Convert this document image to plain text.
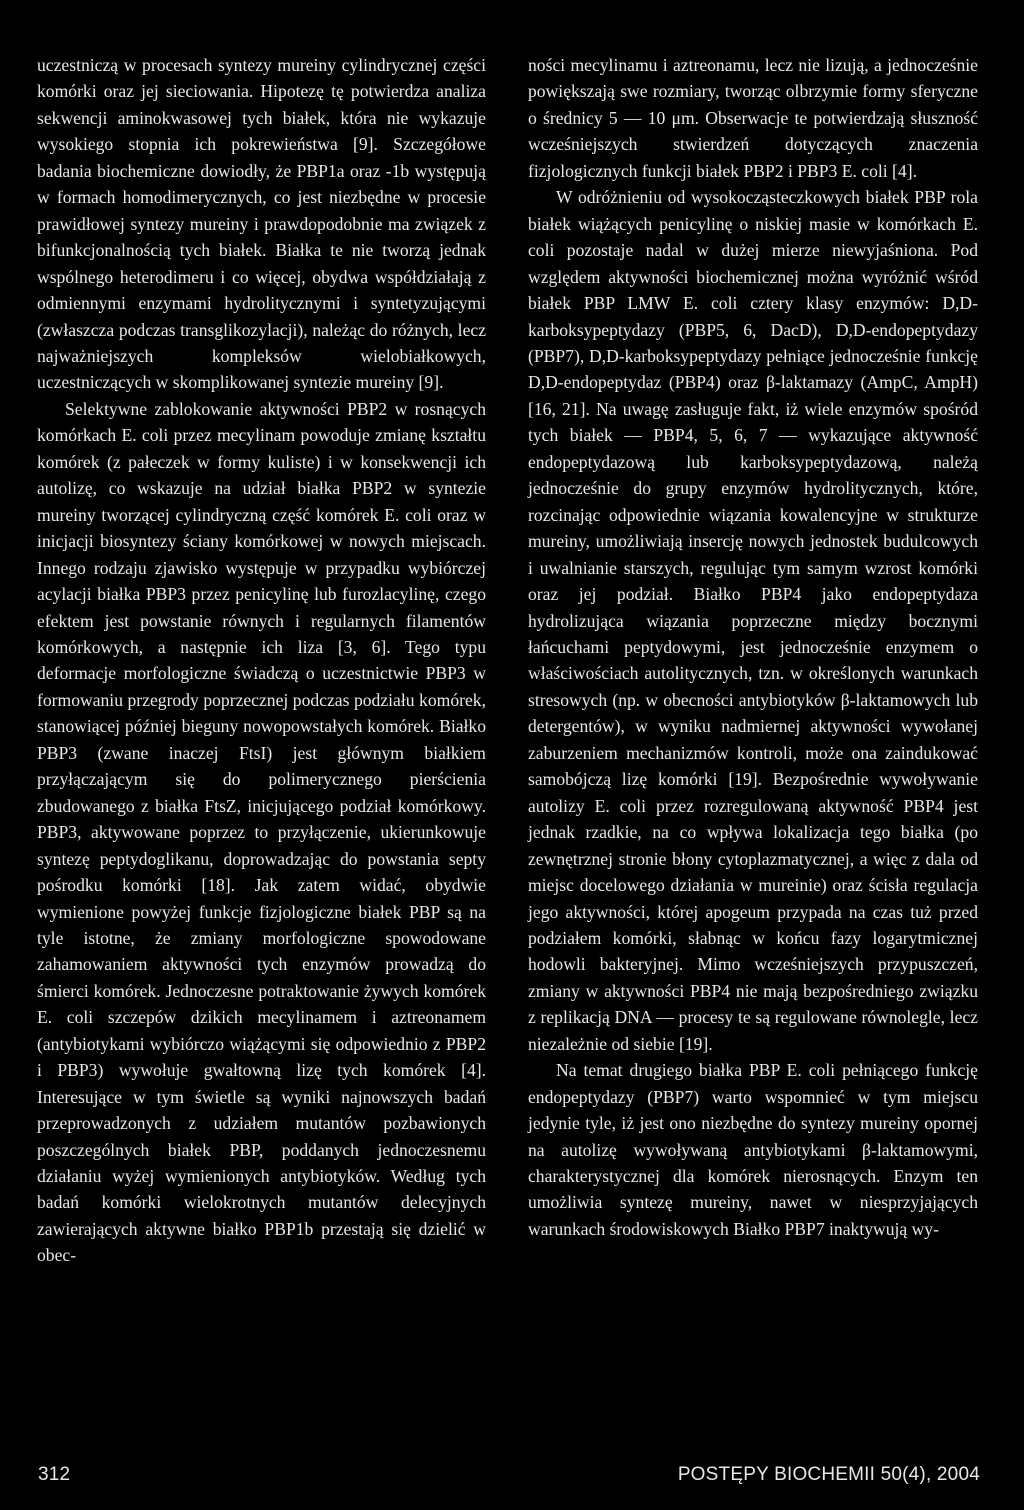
uczestniczą w procesach syntezy mureiny cylindrycznej części komórki oraz jej sieciowania. Hipotezę tę potwierdza analiza sekwencji aminokwasowej tych białek, która nie wykazuje wysokiego stopnia ich pokrewieństwa [9]. Szczegółowe badania biochemiczne dowiodły, że PBP1a oraz -1b występują w formach homodimerycznych, co jest niezbędne w procesie prawidłowej syntezy mureiny i prawdopodobnie ma związek z bifunkcjonalnością tych białek. Białka te nie tworzą jednak wspólnego heterodimeru i co więcej, obydwa współdziałają z odmiennymi enzymami hydrolitycznymi i syntetyzującymi (zwłaszcza podczas transglikozylacji), należąc do różnych, lecz najważniejszych kompleksów wielobiałkowych, uczestniczących w skomplikowanej syntezie mureiny [9].

Selektywne zablokowanie aktywności PBP2 w rosnących komórkach E. coli przez mecylinam powoduje zmianę kształtu komórek (z pałeczek w formy kuliste) i w konsekwencji ich autolizę, co wskazuje na udział białka PBP2 w syntezie mureiny tworzącej cylindryczną część komórek E. coli oraz w inicjacji biosyntezy ściany komórkowej w nowych miejscach. Innego rodzaju zjawisko występuje w przypadku wybiórczej acylacji białka PBP3 przez penicylinę lub furozlacylinę, czego efektem jest powstanie równych i regularnych filamentów komórkowych, a następnie ich liza [3, 6]. Tego typu deformacje morfologiczne świadczą o uczestnictwie PBP3 w formowaniu przegrody poprzecznej podczas podziału komórek, stanowiącej później bieguny nowopowstałych komórek. Białko PBP3 (zwane inaczej FtsI) jest głównym białkiem przyłączającym się do polimerycznego pierścienia zbudowanego z białka FtsZ, inicjującego podział komórkowy. PBP3, aktywowane poprzez to przyłączenie, ukierunkowuje syntezę peptydoglikanu, doprowadzając do powstania septy pośrodku komórki [18]. Jak zatem widać, obydwie wymienione powyżej funkcje fizjologiczne białek PBP są na tyle istotne, że zmiany morfologiczne spowodowane zahamowaniem aktywności tych enzymów prowadzą do śmierci komórek. Jednoczesne potraktowanie żywych komórek E. coli szczepów dzikich mecylinamem i aztreonamem (antybiotykami wybiórczo wiążącymi się odpowiednio z PBP2 i PBP3) wywołuje gwałtowną lizę tych komórek [4]. Interesujące w tym świetle są wyniki najnowszych badań przeprowadzonych z udziałem mutantów pozbawionych poszczególnych białek PBP, poddanych jednoczesnemu działaniu wyżej wymienionych antybiotyków. Według tych badań komórki wielokrotnych mutantów delecyjnych zawierających aktywne białko PBP1b przestają się dzielić w obec-

ności mecylinamu i aztreonamu, lecz nie lizują, a jednocześnie powiększają swe rozmiary, tworząc olbrzymie formy sferyczne o średnicy 5 — 10 μm. Obserwacje te potwierdzają słuszność wcześniejszych stwierdzeń dotyczących znaczenia fizjologicznych funkcji białek PBP2 i PBP3 E. coli [4].

W odróżnieniu od wysokocząsteczkowych białek PBP rola białek wiążących penicylinę o niskiej masie w komórkach E. coli pozostaje nadal w dużej mierze niewyjaśniona. Pod względem aktywności biochemicznej można wyróżnić wśród białek PBP LMW E. coli cztery klasy enzymów: D,D-karboksypeptydazy (PBP5, 6, DacD), D,D-endopeptydazy (PBP7), D,D-karboksypeptydazy pełniące jednocześnie funkcję D,D-endopeptydaz (PBP4) oraz β-laktamazy (AmpC, AmpH) [16, 21]. Na uwagę zasługuje fakt, iż wiele enzymów spośród tych białek — PBP4, 5, 6, 7 — wykazujące aktywność endopeptydazową lub karboksypeptydazową, należą jednocześnie do grupy enzymów hydrolitycznych, które, rozcinając odpowiednie wiązania kowalencyjne w strukturze mureiny, umożliwiają insercję nowych jednostek budulcowych i uwalnianie starszych, regulując tym samym wzrost komórki oraz jej podział. Białko PBP4 jako endopeptydaza hydrolizująca wiązania poprzeczne między bocznymi łańcuchami peptydowymi, jest jednocześnie enzymem o właściwościach autolitycznych, tzn. w określonych warunkach stresowych (np. w obecności antybiotyków β-laktamowych lub detergentów), w wyniku nadmiernej aktywności wywołanej zaburzeniem mechanizmów kontroli, może ona zaindukować samobójczą lizę komórki [19]. Bezpośrednie wywoływanie autolizy E. coli przez rozregulowaną aktywność PBP4 jest jednak rzadkie, na co wpływa lokalizacja tego białka (po zewnętrznej stronie błony cytoplazmatycznej, a więc z dala od miejsc docelowego działania w mureinie) oraz ścisła regulacja jego aktywności, której apogeum przypada na czas tuż przed podziałem komórki, słabnąc w końcu fazy logarytmicznej hodowli bakteryjnej. Mimo wcześniejszych przypuszczeń, zmiany w aktywności PBP4 nie mają bezpośredniego związku z replikacją DNA — procesy te są regulowane równolegle, lecz niezależnie od siebie [19].

Na temat drugiego białka PBP E. coli pełniącego funkcję endopeptydazy (PBP7) warto wspomnieć w tym miejscu jedynie tyle, iż jest ono niezbędne do syntezy mureiny opornej na autolizę wywoływaną antybiotykami β-laktamowymi, charakterystycznej dla komórek nierosnących. Enzym ten umożliwia syntezę mureiny, nawet w niesprzyjających warunkach środowiskowych Białko PBP7 inaktywują wy-

312	POSTĘPY BIOCHEMII 50(4), 2004
